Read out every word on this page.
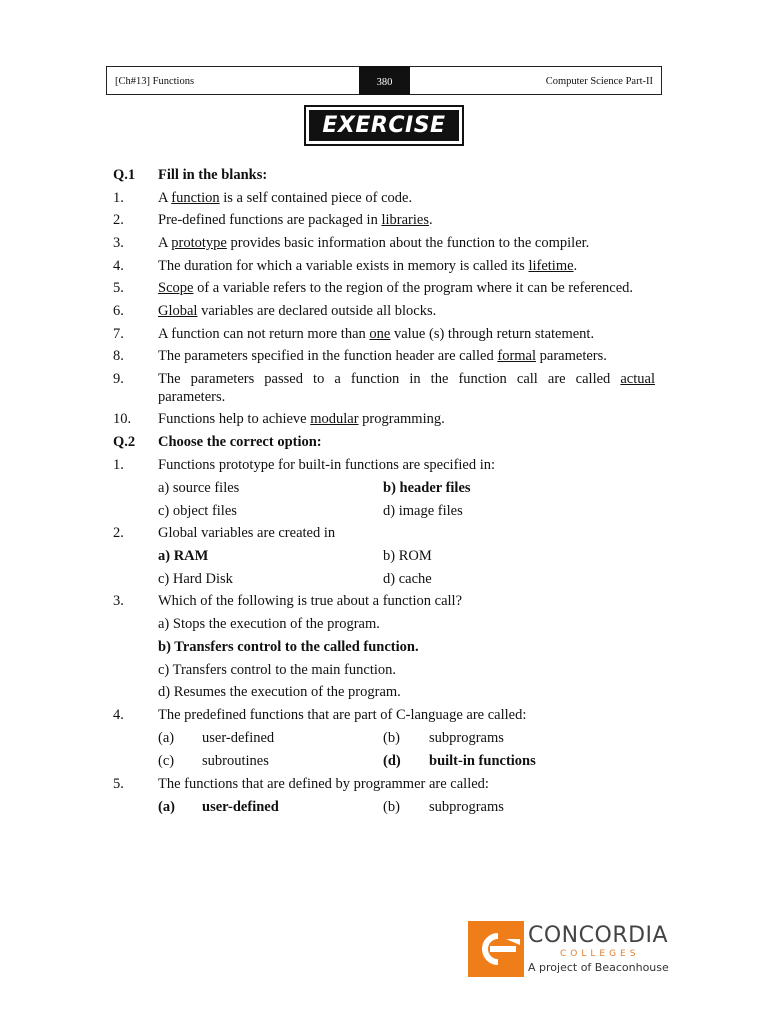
[Ch#13] Functions	380	Computer Science Part-II
EXERCISE
Q.1 Fill in the blanks:
1. A function is a self contained piece of code.
2. Pre-defined functions are packaged in libraries.
3. A prototype provides basic information about the function to the compiler.
4. The duration for which a variable exists in memory is called its lifetime.
5. Scope of a variable refers to the region of the program where it can be referenced.
6. Global variables are declared outside all blocks.
7. A function can not return more than one value (s) through return statement.
8. The parameters specified in the function header are called formal parameters.
9. The parameters passed to a function in the function call are called actual
parameters.
10. Functions help to achieve modular programming.
Q.2 Choose the correct option:
1. Functions prototype for built-in functions are specified in:
a) source files	b) header files
c) object files	d) image files
2. Global variables are created in
a) RAM	b) ROM
c) Hard Disk	d) cache
3. Which of the following is true about a function call?
a) Stops the execution of the program.
b) Transfers control to the called function.
c) Transfers control to the main function.
d) Resumes the execution of the program.
4. The predefined functions that are part of C-language are called:
(a) user-defined	(b) subprograms
(c) subroutines	(d) built-in functions
5. The functions that are defined by programmer are called:
(a) user-defined	(b) subprograms
CONCORDIA
COLLEGES
A project of Beaconhouse
